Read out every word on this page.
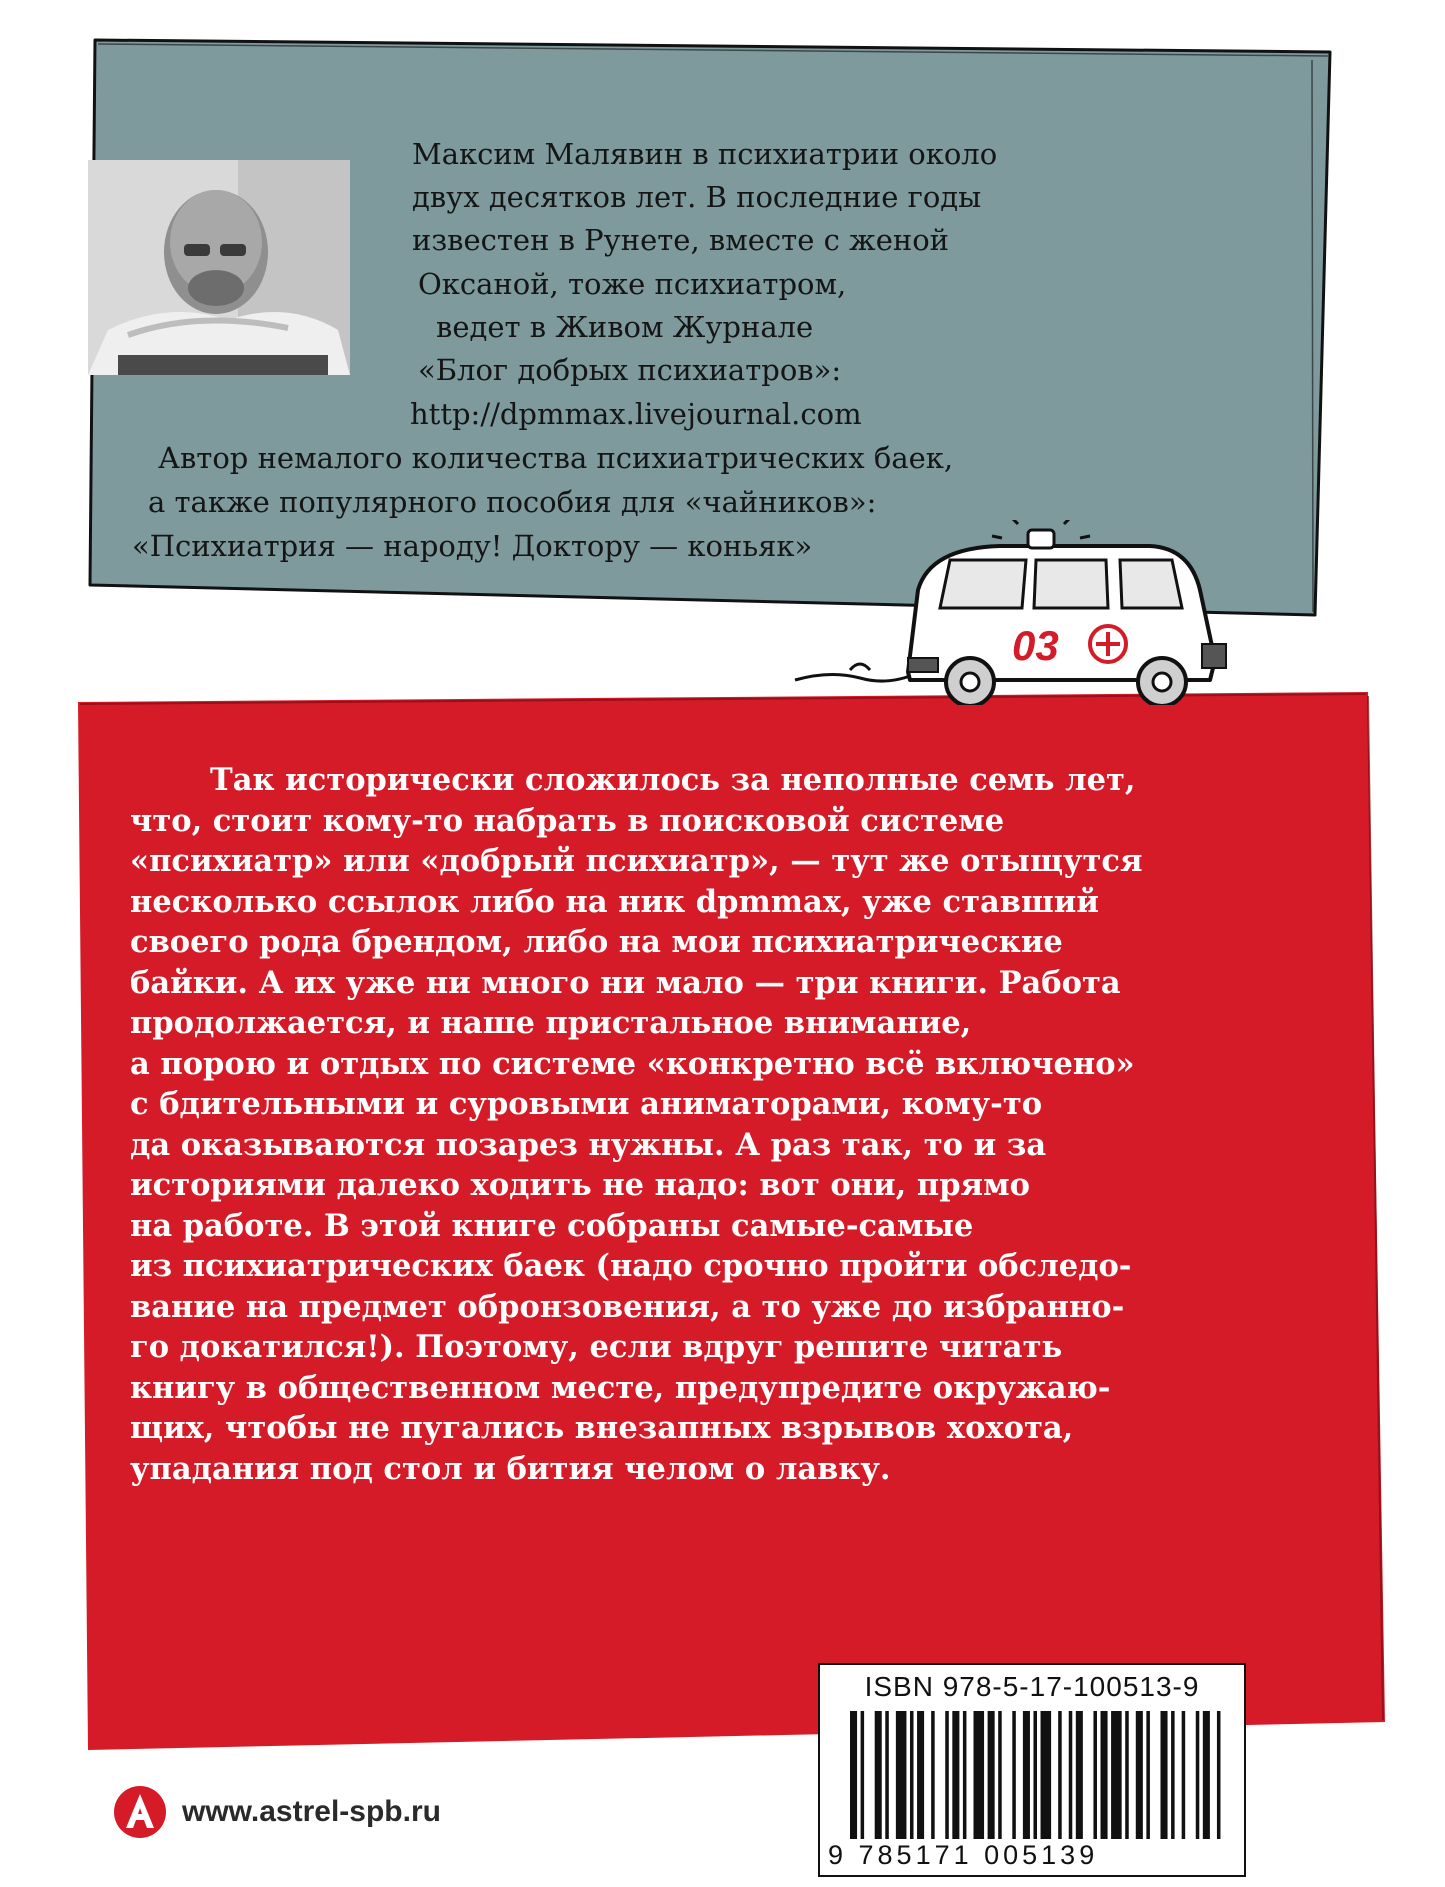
Максим Малявин в психиатрии около

двух десятков лет. В последние годы

известен в Рунете, вместе с женой

Оксаной, тоже психиатром,

ведет в Живом Журнале

«Блог добрых психиатров»:

http://dpmmax.livejournal.com

Автор немалого количества психиатрических баек,

а также популярного пособия для «чайников»:

«Психиатрия — народу! Доктору — коньяк»

03
Так исторически сложилось за неполные семь лет,
что, стоит кому-то набрать в поисковой системе
«психиатр» или «добрый психиатр», — тут же отыщутся
несколько ссылок либо на ник dpmmax, уже ставший
своего рода брендом, либо на мои психиатрические
байки. А их уже ни много ни мало — три книги. Работа
продолжается, и наше пристальное внимание,
а порою и отдых по системе «конкретно всё включено»
с бдительными и суровыми аниматорами, кому-то
да оказываются позарез нужны. А раз так, то и за
историями далеко ходить не надо: вот они, прямо
на работе. В этой книге собраны самые-самые
из психиатрических баек (надо срочно пройти обследо-
вание на предмет обронзовения, а то уже до избранно-
го докатился!). Поэтому, если вдруг решите читать
книгу в общественном месте, предупредите окружаю-
щих, чтобы не пугались внезапных взрывов хохота,
упадания под стол и бития челом о лавку.
ISBN 978-5-17-100513-9
9 785171 005139
www.astrel-spb.ru
